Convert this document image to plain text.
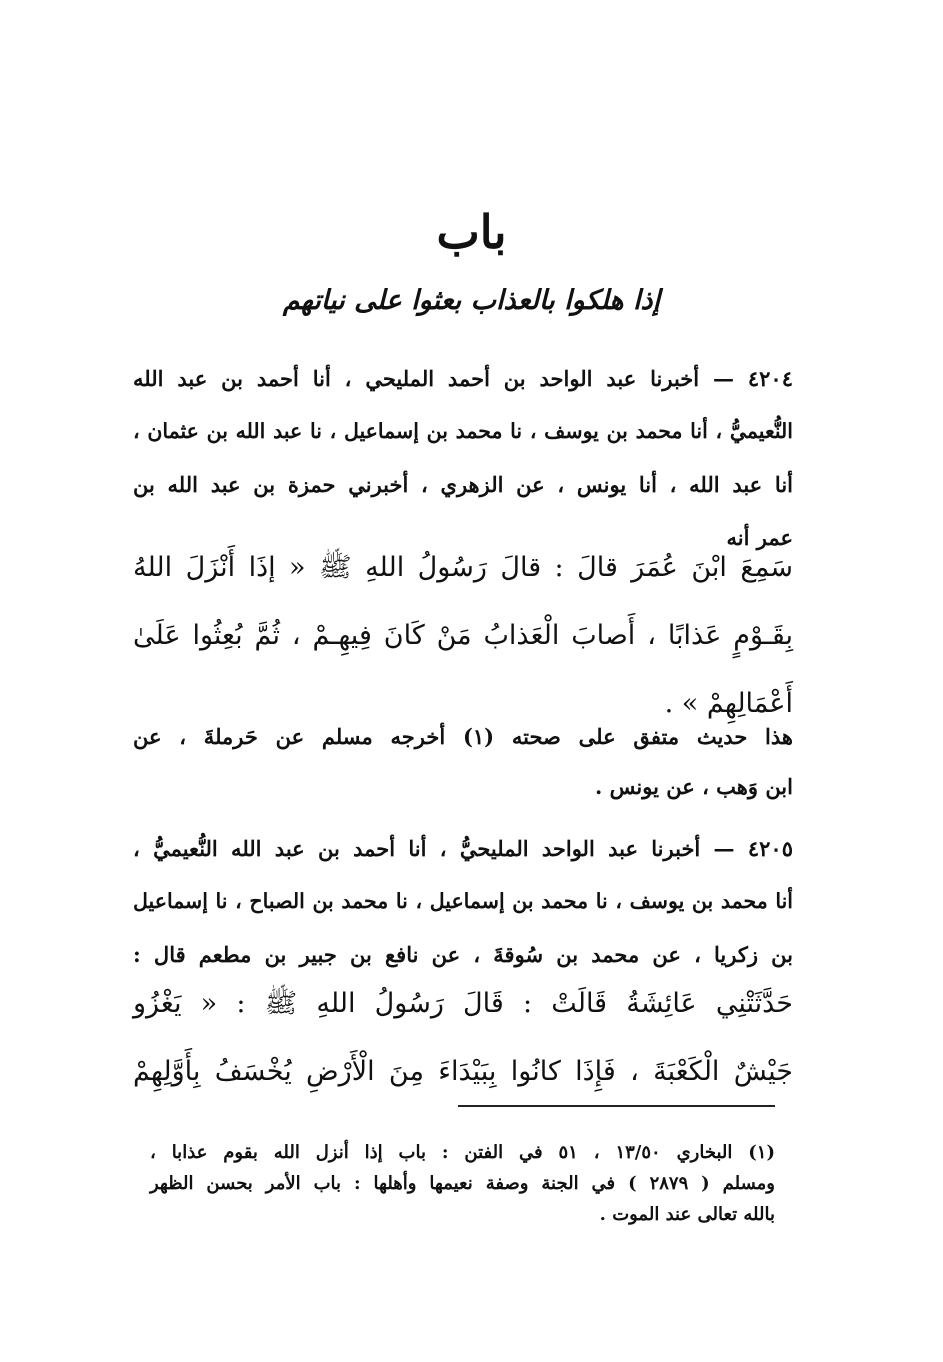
باب
إذا هلكوا بالعذاب بعثوا على نياتهم
٤٢٠٤ — أخبرنا عبد الواحد بن أحمد المليحي ، أنا أحمد بن عبد الله
النُّعيميُّ ، أنا محمد بن يوسف ، نا محمد بن إسماعيل ، نا عبد الله بن عثمان ،
أنا عبد الله ، أنا يونس ، عن الزهري ، أخبرني حمزة بن عبد الله بن
عمر أنه
سَمِعَ ابْنَ عُمَرَ قالَ : قالَ رَسُولُ اللهِ ﷺ « إذَا أَنْزَلَ اللهُ
بِقَـوْمٍ عَذابًا ، أَصابَ الْعَذابُ مَنْ كَانَ فِيهِـمْ ، ثُمَّ بُعِثُوا عَلَىٰ
أَعْمَالِهِمْ » .
هذا حديث متفق على صحته (١) أخرجه مسلم عن حَرملةَ ، عن
ابن وَهب ، عن يونس .
٤٢٠٥ — أخبرنا عبد الواحد المليحيُّ ، أنا أحمد بن عبد الله النُّعيميُّ ،
أنا محمد بن يوسف ، نا محمد بن إسماعيل ، نا محمد بن الصباح ، نا إسماعيل
بن زكريا ، عن محمد بن سُوقةَ ، عن نافع بن جبير بن مطعم قال :
حَدَّثَتْنِي عَائِشَةُ قَالَتْ : قَالَ رَسُولُ اللهِ ﷺ : « يَغْزُو
جَيْشٌ الْكَعْبَةَ ، فَإِذَا كانُوا بِبَيْدَاءَ مِنَ الْأَرْضِ يُخْسَفُ بِأَوَّلِهِمْ
(١) البخاري ١٣/٥٠ ، ٥١ في الفتن : باب إذا أنزل الله بقوم عذابا ،
ومسلم ( ٢٨٧٩ ) في الجنة وصفة نعيمها وأهلها : باب الأمر بحسن الظهر
بالله تعالى عند الموت .
